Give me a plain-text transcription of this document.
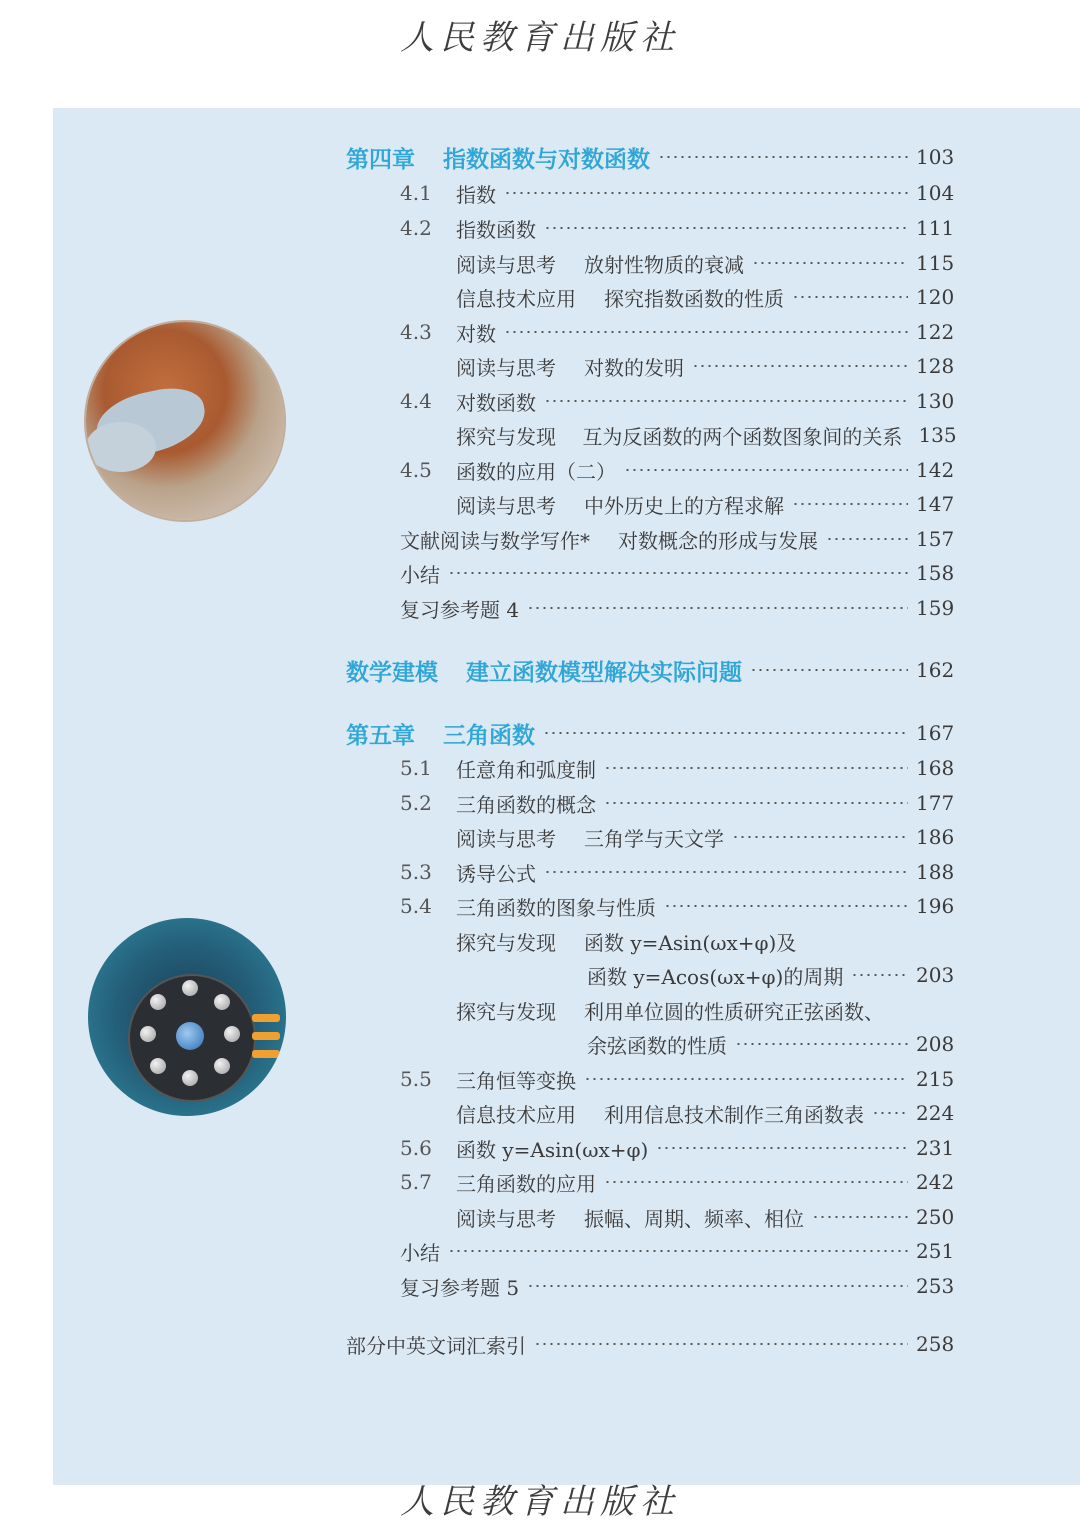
人民教育出版社
第四章 指数函数与对数函数	103
4.1	指数	104
4.2	指数函数	111
阅读与思考 放射性物质的衰减	115
信息技术应用 探究指数函数的性质	120
4.3	对数	122
阅读与思考 对数的发明	128
4.4	对数函数	130
探究与发现 互为反函数的两个函数图象间的关系 135
4.5	函数的应用（二）	142
阅读与思考 中外历史上的方程求解	147
文献阅读与数学写作* 对数概念的形成与发展	157
小结	158
复习参考题 4	159
数学建模 建立函数模型解决实际问题	162
第五章 三角函数	167
5.1	任意角和弧度制	168
5.2	三角函数的概念	177
阅读与思考 三角学与天文学	186
5.3	诱导公式	188
5.4	三角函数的图象与性质	196
探究与发现 函数 y=Asin(ωx+φ)及
函数 y=Acos(ωx+φ)的周期	203
探究与发现 利用单位圆的性质研究正弦函数、
余弦函数的性质	208
5.5	三角恒等变换	215
信息技术应用 利用信息技术制作三角函数表	224
5.6	函数 y=Asin(ωx+φ)	231
5.7	三角函数的应用	242
阅读与思考 振幅、周期、频率、相位	250
小结	251
复习参考题 5	253
部分中英文词汇索引	258
人民教育出版社
